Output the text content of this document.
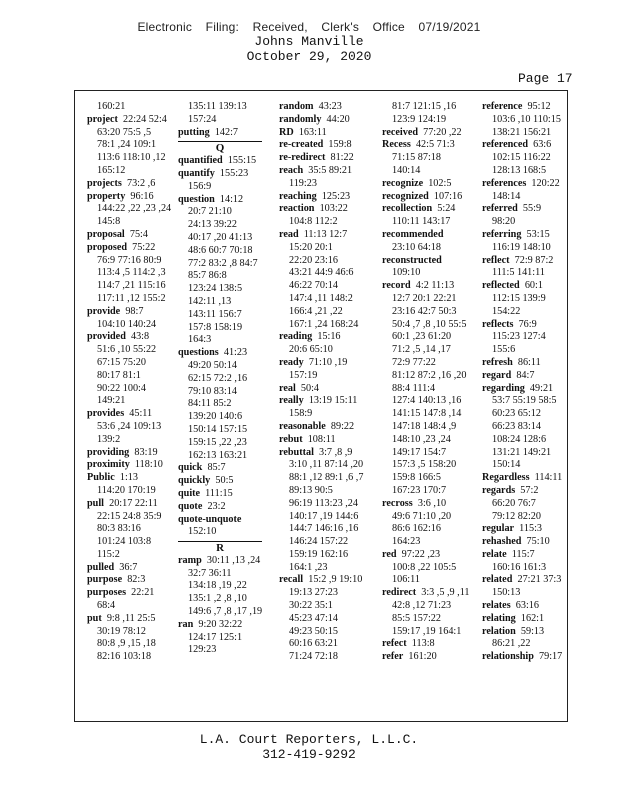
Electronic Filing: Received, Clerk's Office 07/19/2021
Johns Manville
October 29, 2020
Page 17
160:21
project  22:24 52:4
63:20 75:5 ,5
78:1 ,24 109:1
113:6 118:10 ,12
165:12
projects  73:2 ,6
property  96:16
144:22 ,22 ,23 ,24
145:8
proposal  75:4
proposed  75:22
76:9 77:16 80:9
113:4 ,5 114:2 ,3
114:7 ,21 115:16
117:11 ,12 155:2
provide  98:7
104:10 140:24
provided  43:8
51:6 ,10 55:22
67:15 75:20
80:17 81:1
90:22 100:4
149:21
provides  45:11
53:6 ,24 109:13
139:2
providing  83:19
proximity  118:10
Public  1:13
114:20 170:19
pull  20:17 22:11
22:15 24:8 35:9
80:3 83:16
101:24 103:8
115:2
pulled  36:7
purpose  82:3
purposes  22:21
68:4
put  9:8 ,11 25:5
30:19 78:12
80:8 ,9 ,15 ,18
82:16 103:18
135:11 139:13
157:24
putting  142:7
Q
quantified  155:15
quantify  155:23
156:9
question  14:12
20:7 21:10
24:13 39:22
40:17 ,20 41:13
48:6 60:7 70:18
77:2 83:2 ,8 84:7
85:7 86:8
123:24 138:5
142:11 ,13
143:11 156:7
157:8 158:19
164:3
questions  41:23
49:20 50:14
62:15 72:2 ,16
79:10 83:14
84:11 85:2
139:20 140:6
150:14 157:15
159:15 ,22 ,23
162:13 163:21
quick  85:7
quickly  50:5
quite  111:15
quote  23:2
quote-unquote
152:10
R
ramp  30:11 ,13 ,24
32:7 36:11
134:18 ,19 ,22
135:1 ,2 ,8 ,10
149:6 ,7 ,8 ,17 ,19
ran  9:20 32:22
124:17 125:1
129:23
random  43:23
randomly  44:20
RD  163:11
re-created  159:8
re-redirect  81:22
reach  35:5 89:21
119:23
reaching  125:23
reaction  103:22
104:8 112:2
read  11:13 12:7
15:20 20:1
22:20 23:16
43:21 44:9 46:6
46:22 70:14
147:4 ,11 148:2
166:4 ,21 ,22
167:1 ,24 168:24
reading  15:16
20:6 65:10
ready  71:10 ,19
157:19
real  50:4
really  13:19 15:11
158:9
reasonable  89:22
rebut  108:11
rebuttal  3:7 ,8 ,9
3:10 ,11 87:14 ,20
88:1 ,12 89:1 ,6 ,7
89:13 90:5
96:19 113:23 ,24
140:17 ,19 144:6
144:7 146:16 ,16
146:24 157:22
159:19 162:16
164:1 ,23
recall  15:2 ,9 19:10
19:13 27:23
30:22 35:1
45:23 47:14
49:23 50:15
60:16 63:21
71:24 72:18
81:7 121:15 ,16
123:9 124:19
received  77:20 ,22
Recess  42:5 71:3
71:15 87:18
140:14
recognize  102:5
recognized  107:16
recollection  5:24
110:11 143:17
recommended
23:10 64:18
reconstructed
109:10
record  4:2 11:13
12:7 20:1 22:21
23:16 42:7 50:3
50:4 ,7 ,8 ,10 55:5
60:1 ,23 61:20
71:2 ,5 ,14 ,17
72:9 77:22
81:12 87:2 ,16 ,20
88:4 111:4
127:4 140:13 ,16
141:15 147:8 ,14
147:18 148:4 ,9
148:10 ,23 ,24
149:17 154:7
157:3 ,5 158:20
159:8 166:5
167:23 170:7
recross  3:6 ,10
49:6 71:10 ,20
86:6 162:16
164:23
red  97:22 ,23
100:8 ,22 105:5
106:11
redirect  3:3 ,5 ,9 ,11
42:8 ,12 71:23
85:5 157:22
159:17 ,19 164:1
refect  113:8
refer  161:20
reference  95:12
103:6 ,10 110:15
138:21 156:21
referenced  63:6
102:15 116:22
128:13 168:5
references  120:22
148:14
referred  55:9
98:20
referring  53:15
116:19 148:10
reflect  72:9 87:2
111:5 141:11
reflected  60:1
112:15 139:9
154:22
reflects  76:9
115:23 127:4
155:6
refresh  86:11
regard  84:7
regarding  49:21
53:7 55:19 58:5
60:23 65:12
66:23 83:14
108:24 128:6
131:21 149:21
150:14
Regardless  114:11
regards  57:2
66:20 76:7
79:12 82:20
regular  115:3
rehashed  75:10
relate  115:7
160:16 161:3
related  27:21 37:3
150:13
relates  63:16
relating  162:1
relation  59:13
86:21 ,22
relationship  79:17
L.A. Court Reporters, L.L.C.
312-419-9292
